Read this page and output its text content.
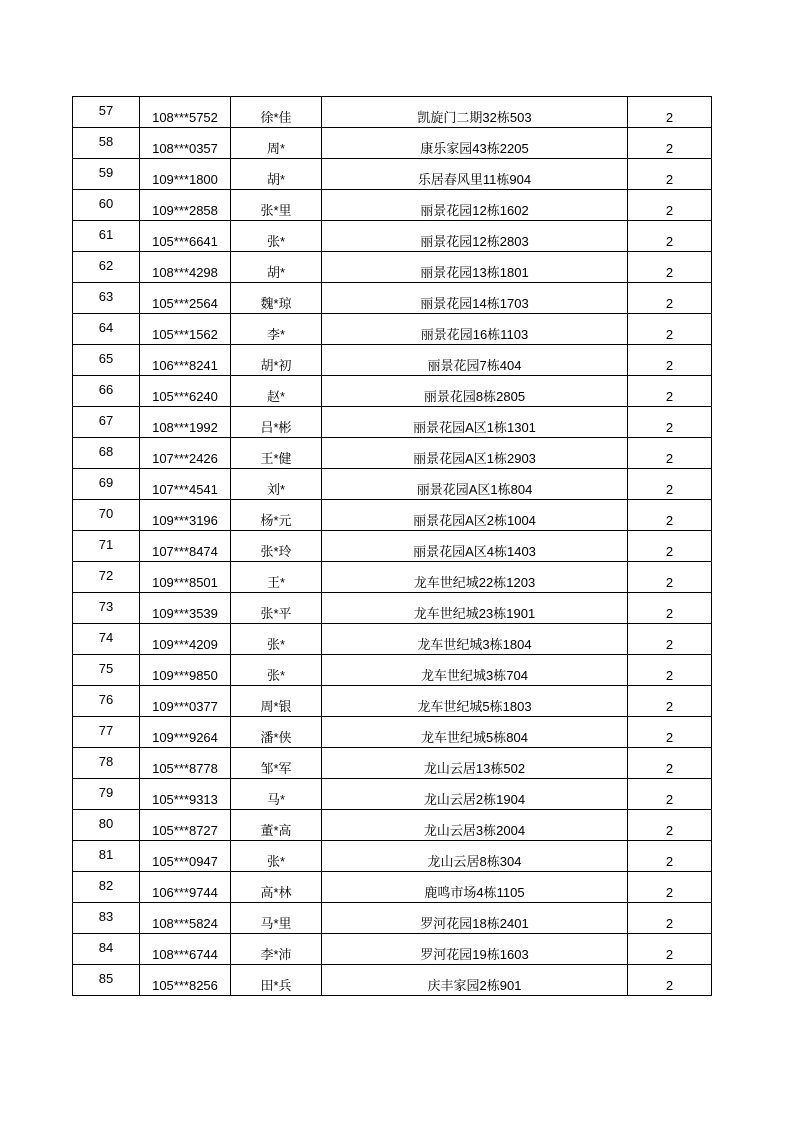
57	108***5752	徐*佳	凯旋门二期32栋503	2
58	108***0357	周*	康乐家园43栋2205	2
59	109***1800	胡*	乐居春风里11栋904	2
60	109***2858	张*里	丽景花园12栋1602	2
61	105***6641	张*	丽景花园12栋2803	2
62	108***4298	胡*	丽景花园13栋1801	2
63	105***2564	魏*琼	丽景花园14栋1703	2
64	105***1562	李*	丽景花园16栋1103	2
65	106***8241	胡*初	丽景花园7栋404	2
66	105***6240	赵*	丽景花园8栋2805	2
67	108***1992	吕*彬	丽景花园A区1栋1301	2
68	107***2426	王*健	丽景花园A区1栋2903	2
69	107***4541	刘*	丽景花园A区1栋804	2
70	109***3196	杨*元	丽景花园A区2栋1004	2
71	107***8474	张*玲	丽景花园A区4栋1403	2
72	109***8501	王*	龙车世纪城22栋1203	2
73	109***3539	张*平	龙车世纪城23栋1901	2
74	109***4209	张*	龙车世纪城3栋1804	2
75	109***9850	张*	龙车世纪城3栋704	2
76	109***0377	周*银	龙车世纪城5栋1803	2
77	109***9264	潘*侠	龙车世纪城5栋804	2
78	105***8778	邹*军	龙山云居13栋502	2
79	105***9313	马*	龙山云居2栋1904	2
80	105***8727	董*高	龙山云居3栋2004	2
81	105***0947	张*	龙山云居8栋304	2
82	106***9744	高*林	鹿鸣市场4栋1105	2
83	108***5824	马*里	罗河花园18栋2401	2
84	108***6744	李*沛	罗河花园19栋1603	2
85	105***8256	田*兵	庆丰家园2栋901	2
